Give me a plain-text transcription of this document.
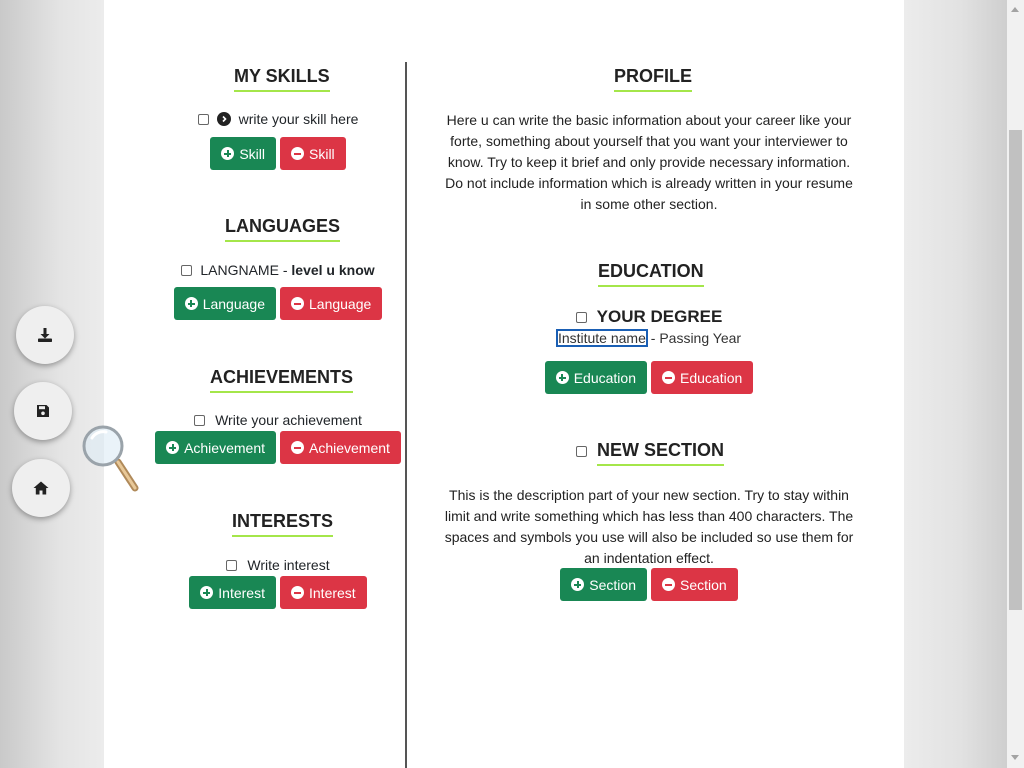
MY SKILLS
write your skill here
Skill	Skill
LANGUAGES
LANGNAME - level u know
Language	Language
ACHIEVEMENTS
Write your achievement
Achievement	Achievement
INTERESTS
Write interest
Interest	Interest
PROFILE
Here u can write the basic information about your career like your forte, something about yourself that you want your interviewer to know. Try to keep it brief and only provide necessary information. Do not include information which is already written in your resume in some other section.
EDUCATION
YOUR DEGREE
Institute name - Passing Year
Education	Education
NEW SECTION
This is the description part of your new section. Try to stay within limit and write something which has less than 400 characters. The spaces and symbols you use will also be included so use them for an indentation effect.
Section	Section
